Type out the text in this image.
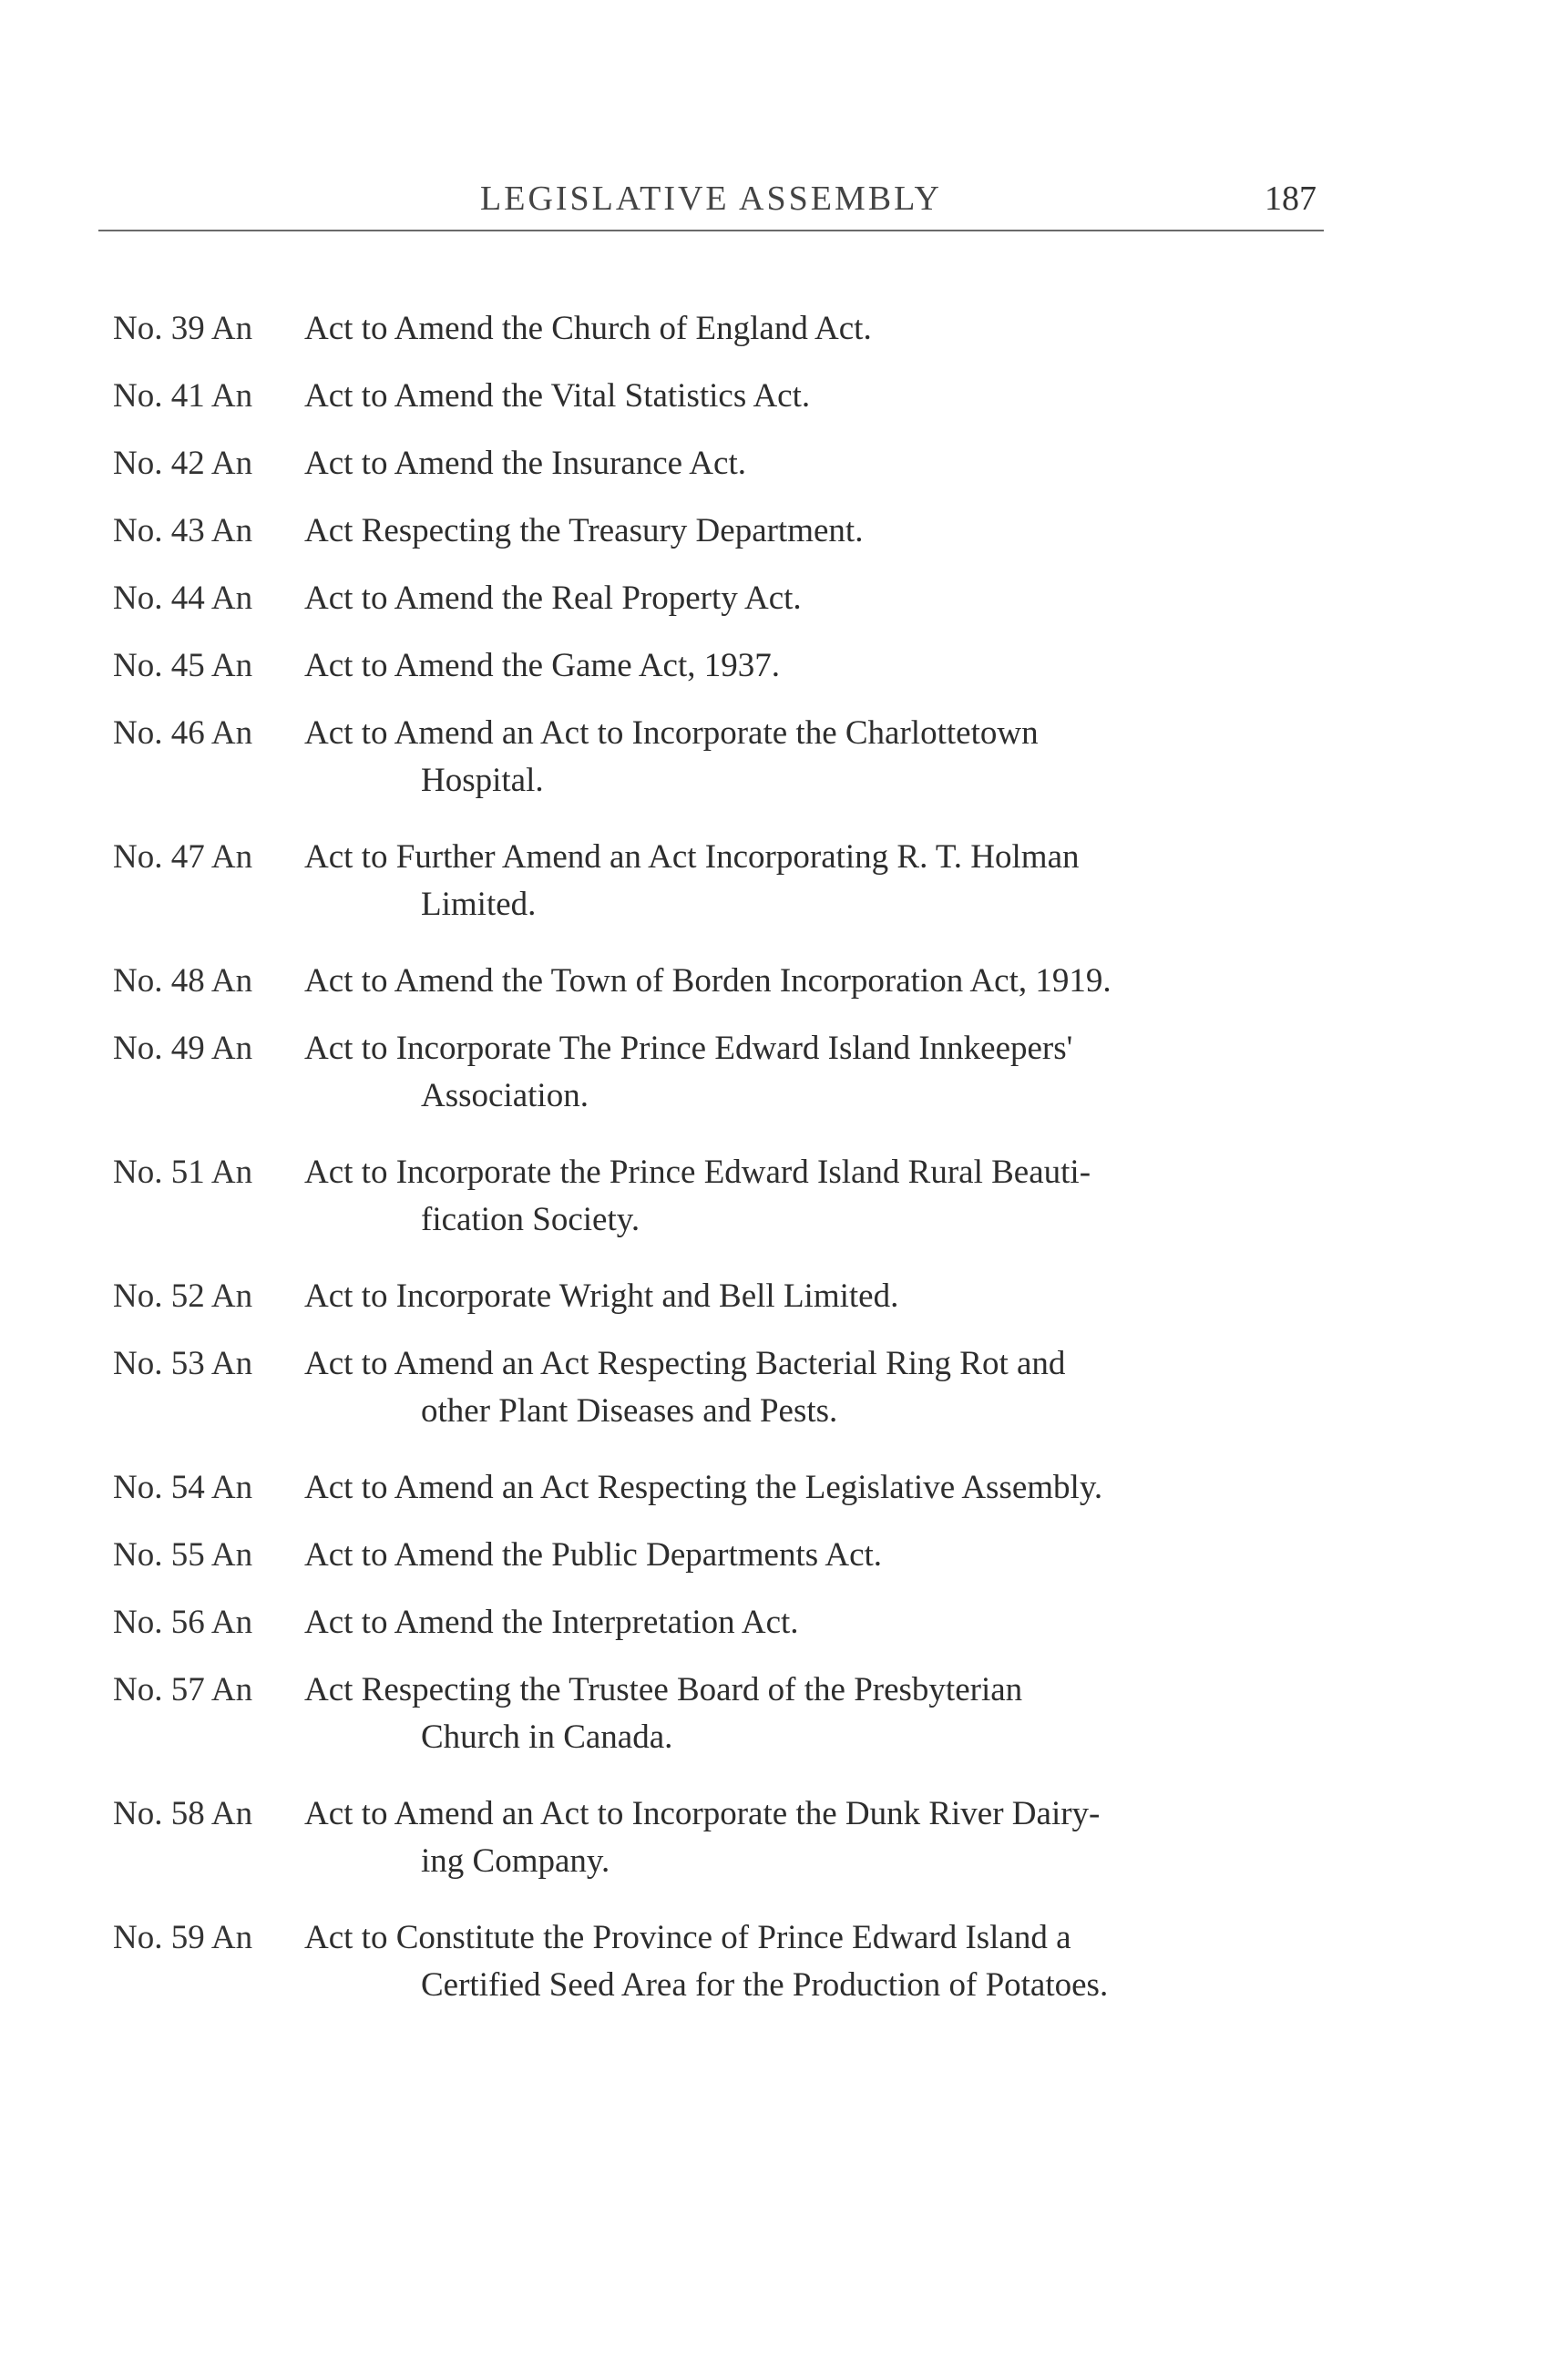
LEGISLATIVE ASSEMBLY	187
No. 39 An Act to Amend the Church of England Act.
No. 41 An Act to Amend the Vital Statistics Act.
No. 42 An Act to Amend the Insurance Act.
No. 43 An Act Respecting the Treasury Department.
No. 44 An Act to Amend the Real Property Act.
No. 45 An Act to Amend the Game Act, 1937.
No. 46 An Act to Amend an Act to Incorporate the Charlottetown
Hospital.
No. 47 An Act to Further Amend an Act Incorporating R. T. Holman
Limited.
No. 48 An Act to Amend the Town of Borden Incorporation Act, 1919.
No. 49 An Act to Incorporate The Prince Edward Island Innkeepers'
Association.
No. 51 An Act to Incorporate the Prince Edward Island Rural Beauti-
fication Society.
No. 52 An Act to Incorporate Wright and Bell Limited.
No. 53 An Act to Amend an Act Respecting Bacterial Ring Rot and
other Plant Diseases and Pests.
No. 54 An Act to Amend an Act Respecting the Legislative Assembly.
No. 55 An Act to Amend the Public Departments Act.
No. 56 An Act to Amend the Interpretation Act.
No. 57 An Act Respecting the Trustee Board of the Presbyterian
Church in Canada.
No. 58 An Act to Amend an Act to Incorporate the Dunk River Dairy-
ing Company.
No. 59 An Act to Constitute the Province of Prince Edward Island a
Certified Seed Area for the Production of Potatoes.
